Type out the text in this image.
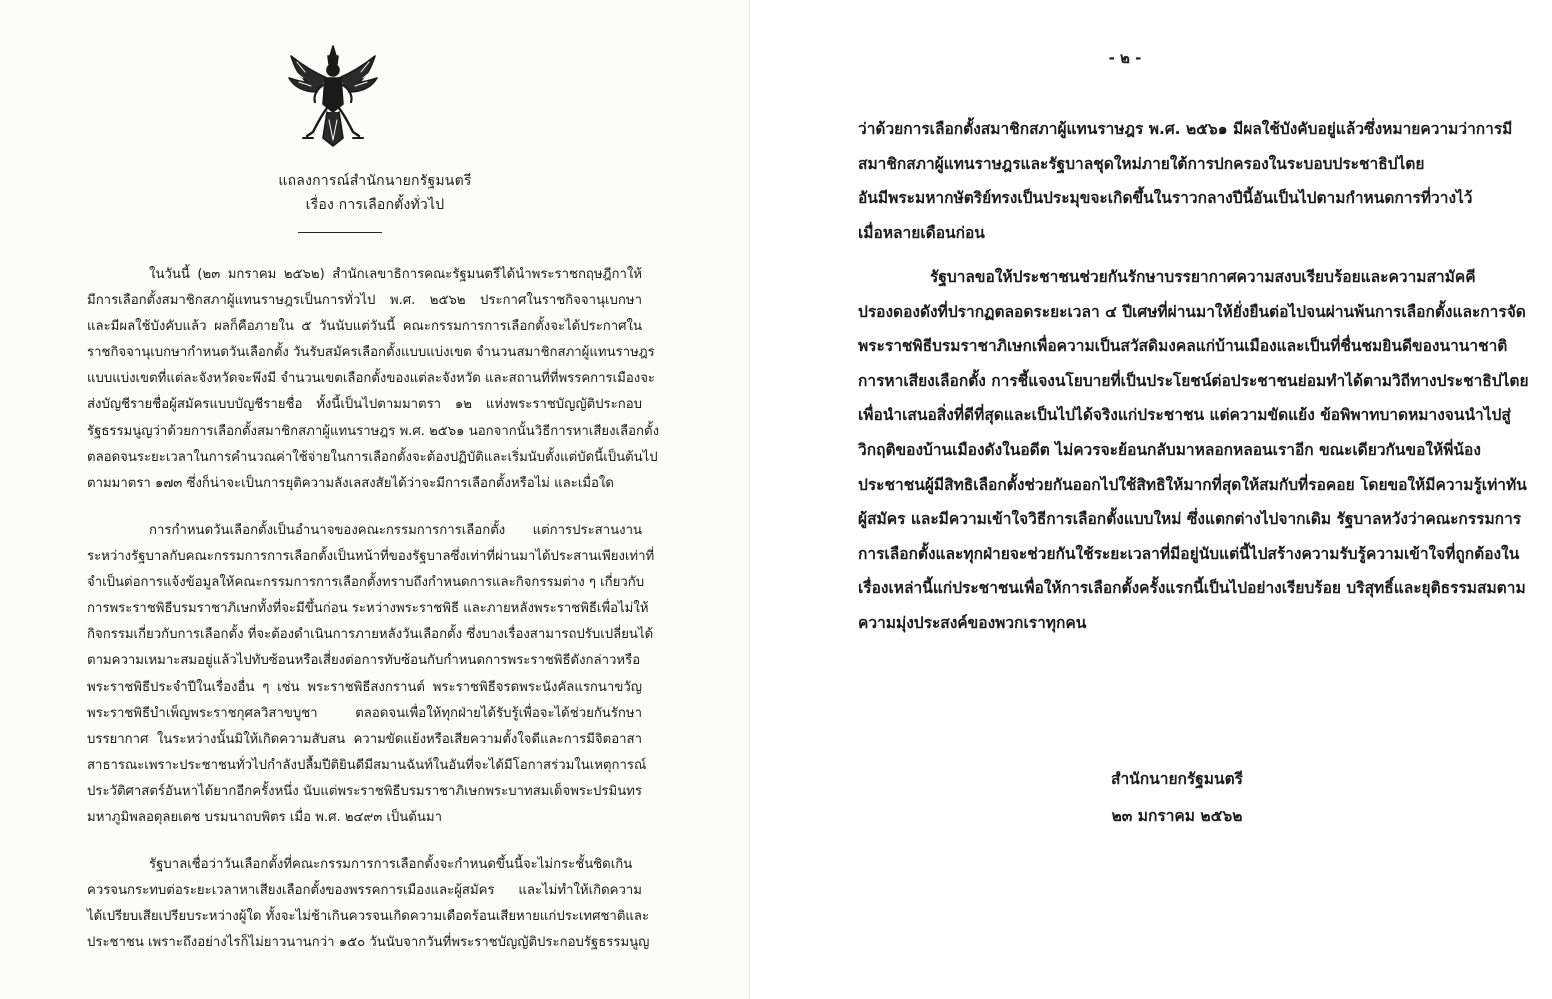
แถลงการณ์สำนักนายกรัฐมนตรี
เรื่อง การเลือกตั้งทั่วไป
ในวันนี้ (๒๓ มกราคม ๒๕๖๒) สำนักเลขาธิการคณะรัฐมนตรีได้นำพระราชกฤษฎีกาให้
มีการเลือกตั้งสมาชิกสภาผู้แทนราษฎรเป็นการทั่วไป พ.ศ. ๒๕๖๒ ประกาศในราชกิจจานุเบกษา
และมีผลใช้บังคับแล้ว ผลก็คือภายใน ๕ วันนับแต่วันนี้ คณะกรรมการการเลือกตั้งจะได้ประกาศใน
ราชกิจจานุเบกษากำหนดวันเลือกตั้ง วันรับสมัครเลือกตั้งแบบแบ่งเขต จำนวนสมาชิกสภาผู้แทนราษฎร
แบบแบ่งเขตที่แต่ละจังหวัดจะพึงมี จำนวนเขตเลือกตั้งของแต่ละจังหวัด และสถานที่ที่พรรคการเมืองจะ
ส่งบัญชีรายชื่อผู้สมัครแบบบัญชีรายชื่อ ทั้งนี้เป็นไปตามมาตรา ๑๒ แห่งพระราชบัญญัติประกอบ
รัฐธรรมนูญว่าด้วยการเลือกตั้งสมาชิกสภาผู้แทนราษฎร พ.ศ. ๒๕๖๑ นอกจากนั้นวิธีการหาเสียงเลือกตั้ง
ตลอดจนระยะเวลาในการคำนวณค่าใช้จ่ายในการเลือกตั้งจะต้องปฏิบัติและเริ่มนับตั้งแต่บัดนี้เป็นต้นไป
ตามมาตรา ๑๗๓ ซึ่งก็น่าจะเป็นการยุติความลังเลสงสัยได้ว่าจะมีการเลือกตั้งหรือไม่ และเมื่อใด
การกำหนดวันเลือกตั้งเป็นอำนาจของคณะกรรมการการเลือกตั้ง แต่การประสานงาน
ระหว่างรัฐบาลกับคณะกรรมการการเลือกตั้งเป็นหน้าที่ของรัฐบาลซึ่งเท่าที่ผ่านมาได้ประสานเพียงเท่าที่
จำเป็นต่อการแจ้งข้อมูลให้คณะกรรมการการเลือกตั้งทราบถึงกำหนดการและกิจกรรมต่าง ๆ เกี่ยวกับ
การพระราชพิธีบรมราชาภิเษกทั้งที่จะมีขึ้นก่อน ระหว่างพระราชพิธี และภายหลังพระราชพิธีเพื่อไม่ให้
กิจกรรมเกี่ยวกับการเลือกตั้ง ที่จะต้องดำเนินการภายหลังวันเลือกตั้ง ซึ่งบางเรื่องสามารถปรับเปลี่ยนได้
ตามความเหมาะสมอยู่แล้วไปทับซ้อนหรือเสี่ยงต่อการทับซ้อนกับกำหนดการพระราชพิธีดังกล่าวหรือ
พระราชพิธีประจำปีในเรื่องอื่น ๆ เช่น พระราชพิธีสงกรานต์ พระราชพิธีจรดพระนังคัลแรกนาขวัญ
พระราชพิธีบำเพ็ญพระราชกุศลวิสาขบูชา ตลอดจนเพื่อให้ทุกฝ่ายได้รับรู้เพื่อจะได้ช่วยกันรักษา
บรรยากาศ ในระหว่างนั้นมิให้เกิดความสับสน ความขัดแย้งหรือเสียความตั้งใจดีและการมีจิตอาสา
สาธารณะเพราะประชาชนทั่วไปกำลังปลื้มปีติยินดีมีสมานฉันท์ในอันที่จะได้มีโอกาสร่วมในเหตุการณ์
ประวัติศาสตร์อันหาได้ยากอีกครั้งหนึ่ง นับแต่พระราชพิธีบรมราชาภิเษกพระบาทสมเด็จพระปรมินทร
มหาภูมิพลอดุลยเดช บรมนาถบพิตร เมื่อ พ.ศ. ๒๔๙๓ เป็นต้นมา
รัฐบาลเชื่อว่าวันเลือกตั้งที่คณะกรรมการการเลือกตั้งจะกำหนดขึ้นนี้จะไม่กระชั้นชิดเกิน
ควรจนกระทบต่อระยะเวลาหาเสียงเลือกตั้งของพรรคการเมืองและผู้สมัคร และไม่ทำให้เกิดความ
ได้เปรียบเสียเปรียบระหว่างผู้ใด ทั้งจะไม่ช้าเกินควรจนเกิดความเดือดร้อนเสียหายแก่ประเทศชาติและ
ประชาชน เพราะถึงอย่างไรก็ไม่ยาวนานกว่า ๑๕๐ วันนับจากวันที่พระราชบัญญัติประกอบรัฐธรรมนูญ
- ๒ -
ว่าด้วยการเลือกตั้งสมาชิกสภาผู้แทนราษฎร พ.ศ. ๒๕๖๑ มีผลใช้บังคับอยู่แล้วซึ่งหมายความว่าการมี
สมาชิกสภาผู้แทนราษฎรและรัฐบาลชุดใหม่ภายใต้การปกครองในระบอบประชาธิปไตย
อันมีพระมหากษัตริย์ทรงเป็นประมุขจะเกิดขึ้นในราวกลางปีนี้อันเป็นไปตามกำหนดการที่วางไว้
เมื่อหลายเดือนก่อน
รัฐบาลขอให้ประชาชนช่วยกันรักษาบรรยากาศความสงบเรียบร้อยและความสามัคคี
ปรองดองดังที่ปรากฏตลอดระยะเวลา ๔ ปีเศษที่ผ่านมาให้ยั่งยืนต่อไปจนผ่านพ้นการเลือกตั้งและการจัด
พระราชพิธีบรมราชาภิเษกเพื่อความเป็นสวัสดิมงคลแก่บ้านเมืองและเป็นที่ชื่นชมยินดีของนานาชาติ
การหาเสียงเลือกตั้ง การชี้แจงนโยบายที่เป็นประโยชน์ต่อประชาชนย่อมทำได้ตามวิถีทางประชาธิปไตย
เพื่อนำเสนอสิ่งที่ดีที่สุดและเป็นไปได้จริงแก่ประชาชน แต่ความขัดแย้ง ข้อพิพาทบาดหมางจนนำไปสู่
วิกฤติของบ้านเมืองดังในอดีต ไม่ควรจะย้อนกลับมาหลอกหลอนเราอีก ขณะเดียวกันขอให้พี่น้อง
ประชาชนผู้มีสิทธิเลือกตั้งช่วยกันออกไปใช้สิทธิให้มากที่สุดให้สมกับที่รอคอย โดยขอให้มีความรู้เท่าทัน
ผู้สมัคร และมีความเข้าใจวิธีการเลือกตั้งแบบใหม่ ซึ่งแตกต่างไปจากเดิม รัฐบาลหวังว่าคณะกรรมการ
การเลือกตั้งและทุกฝ่ายจะช่วยกันใช้ระยะเวลาที่มีอยู่นับแต่นี้ไปสร้างความรับรู้ความเข้าใจที่ถูกต้องใน
เรื่องเหล่านี้แก่ประชาชนเพื่อให้การเลือกตั้งครั้งแรกนี้เป็นไปอย่างเรียบร้อย บริสุทธิ์และยุติธรรมสมตาม
ความมุ่งประสงค์ของพวกเราทุกคน
สำนักนายกรัฐมนตรี
๒๓ มกราคม ๒๕๖๒
